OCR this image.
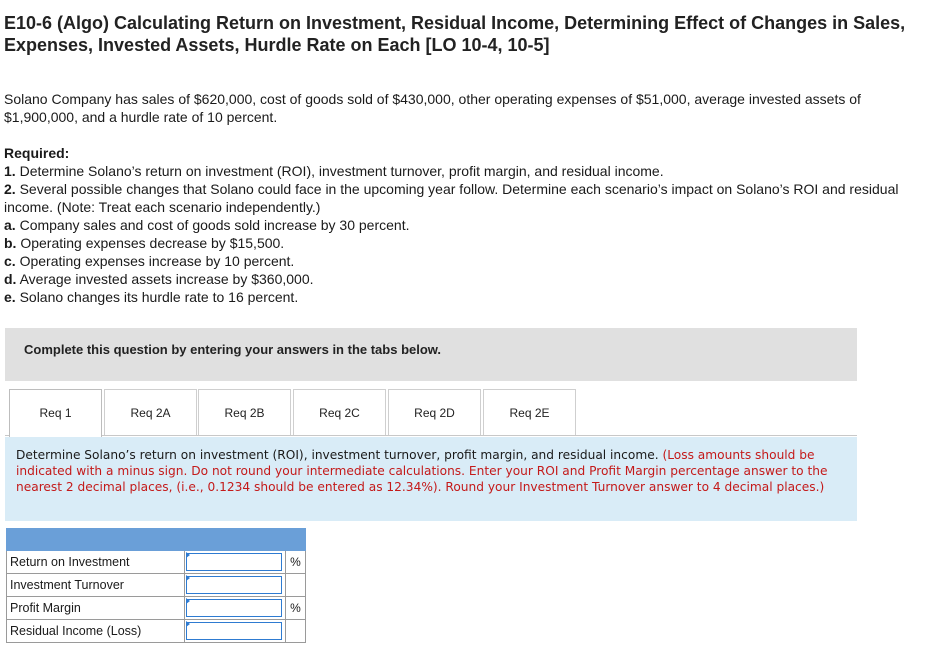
E10-6 (Algo) Calculating Return on Investment, Residual Income, Determining Effect of Changes in Sales, Expenses, Invested Assets, Hurdle Rate on Each [LO 10-4, 10-5]
Solano Company has sales of $620,000, cost of goods sold of $430,000, other operating expenses of $51,000, average invested assets of $1,900,000, and a hurdle rate of 10 percent.
Required:
1. Determine Solano’s return on investment (ROI), investment turnover, profit margin, and residual income.
2. Several possible changes that Solano could face in the upcoming year follow. Determine each scenario’s impact on Solano’s ROI and residual income. (Note: Treat each scenario independently.)
a. Company sales and cost of goods sold increase by 30 percent.
b. Operating expenses decrease by $15,500.
c. Operating expenses increase by 10 percent.
d. Average invested assets increase by $360,000.
e. Solano changes its hurdle rate to 16 percent.
Complete this question by entering your answers in the tabs below.
Req 1	Req 2A	Req 2B	Req 2C	Req 2D	Req 2E
Determine Solano’s return on investment (ROI), investment turnover, profit margin, and residual income. (Loss amounts should be indicated with a minus sign. Do not round your intermediate calculations. Enter your ROI and Profit Margin percentage answer to the nearest 2 decimal places, (i.e., 0.1234 should be entered as 12.34%). Round your Investment Turnover answer to 4 decimal places.)

Return on Investment		%
Investment Turnover	

Profit Margin		%
Residual Income (Loss)	
